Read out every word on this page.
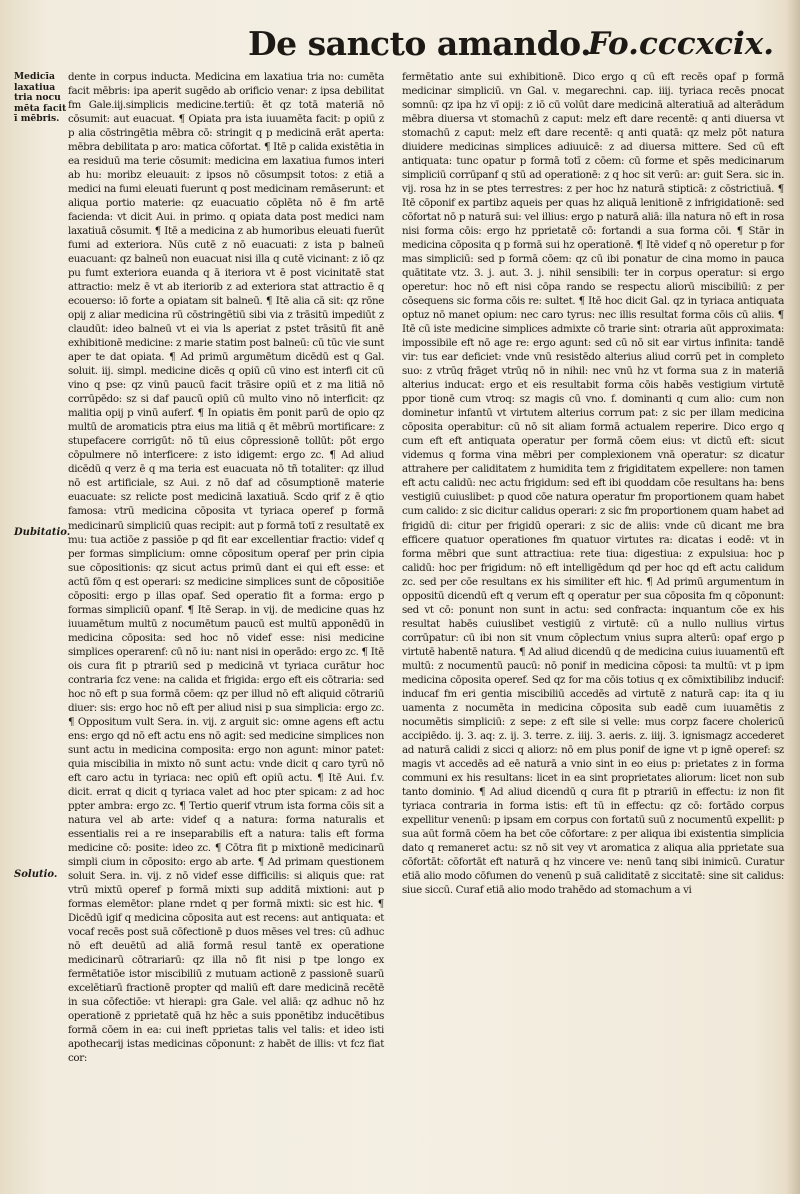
De sancto amando.
Fo.cccxcix.
Medicīa laxatiua
tria nocu
mēta facit
ī mēbris.
Dubitatio.
Solutio.

dente in corpus inducta. Medicina em laxatiua tria no: cumēta facit mēbris: ipa aperit sugēdo ab orificio venar: z ipsa debilitat fm Gale.iij.simplicis medicine.tertiū: ēt qz totā materiā nō cōsumit: aut euacuat. ¶ Opiata pra ista iuuamēta facit: p opiū z p alia cōstringētia mēbra cō: stringit q p medicinā erāt aperta: mēbra debilitata p aro: matica cōfortat. ¶ Itē p calida existētia in ea residuū ma terie cōsumit: medicina em laxatiua fumos interi ab hu: moribz eleuauit: z ipsos nō cōsumpsit totos: z etiā a medici na fumi eleuati fuerunt q post medicinam remāserunt: et aliqua portio materie: qz euacuatio cōplēta nō ē fm artē facienda: vt dicit Aui. in primo. q opiata data post medici nam laxatiuā cōsumit. ¶ Itē a medicina z ab humoribus eleuati fuerūt fumi ad exteriora. Nūs cutē z nō euacuati: z ista p balneū euacuant: qz balneū non euacuat nisi illa q cutē vicinant: z iō qz pu fumt exteriora euanda q ā iteriora vt ē post vicinitatē stat attractio: melz ē vt ab iteriorib z ad exteriora stat attractio ē q ecouerso: iō forte a opiatam sit balneū. ¶ Itē alia cā sit: qz rōne opij z aliar medicina rū cōstringētiū sibi via z trāsitū impediūt z claudūt: ideo balneū vt ei via ls aperiat z pstet trāsitū fit anē exhibitionē medicine: z marie statim post balneū: cū tūc vie sunt aper te dat opiata. ¶ Ad primū argumētum dicēdū est q Gal. soluit. iij. simpl. medicine dicēs q opiū cū vino est interfi cit cū vino q pse: qz vinū paucū facit trāsire opiū et z ma litiā nō corrūpēdo: sz si daf paucū opiū cū multo vino nō interficit: qz malitia opij p vinū auferf. ¶ In opiatis ēm ponit parū de opio qz multū de aromaticis ptra eius ma litiā q ēt mēbrū mortificare: z stupefacere corrigūt: nō tū eius cōpressionē tollūt: pōt ergo cōpulmere nō interficere: z isto idigemt: ergo zc. ¶ Ad aliud dicēdū q verz ē q ma teria est euacuata nō tñ totaliter: qz illud nō est artificiale, sz Aui. z nō daf ad cōsumptionē materie euacuate: sz relicte post medicinā laxatiuā. Scdo qrif z ē qtio famosa: vtrū medicina cōposita vt tyriaca operef p formā medicinarū simpliciū quas recipit: aut p formā totī z resultatē ex mu: tua actiōe z passiōe p qd fit ear excellentiar fractio: videf q per formas simplicium: omne cōpositum operaf per prin cipia sue cōpositionis: qz sicut actus primū dant ei qui eft esse: et actū fōm q est operari: sz medicine simplices sunt de cōpositiōe cōpositi: ergo p illas opaf. Sed operatio fit a forma: ergo p formas simpliciū opanf. ¶ Itē Serap. in vij. de medicine quas hz iuuamētum multū z nocumētum paucū est multū apponēdū in medicina cōposita: sed hoc nō videf esse: nisi medicine simplices operarenf: cū nō iu: nant nisi in operādo: ergo zc. ¶ Itē ois cura fit p ptrariū sed p medicinā vt tyriaca curātur hoc contraria fcz vene: na calida et frigida: ergo eft eis cōtraria: sed hoc nō eft p sua formā cōem: qz per illud nō eft aliquid cōtrariū diuer: sis: ergo hoc nō eft per aliud nisi p sua simplicia: ergo zc. ¶ Oppositum vult Sera. in. vij. z arguit sic: omne agens eft actu ens: ergo qd nō eft actu ens nō agit: sed medicine simplices non sunt actu in medicina composita: ergo non agunt: minor patet: quia miscibilia in mixto nō sunt actu: vnde dicit q caro tyrū nō eft caro actu in tyriaca: nec opiū eft opiū actu. ¶ Itē Aui. f.v. dicit. errat q dicit q tyriaca valet ad hoc pter spicam: z ad hoc ppter ambra: ergo zc. ¶ Tertio querif vtrum ista forma cōis sit a natura vel ab arte: videf q a natura: forma naturalis et essentialis rei a re inseparabilis eft a natura: talis eft forma medicine cō: posite: ideo zc. ¶ Cōtra fit p mixtionē medicinarū simpli cium in cōposito: ergo ab arte. ¶ Ad primam questionem soluit Sera. in. vij. z nō videf esse difficilis: si aliquis que: rat vtrū mixtū operef p formā mixti sup additā mixtioni: aut p formas elemētor: plane rndet q per formā mixti: sic est hic. ¶ Dicēdū igif q medicina cōposita aut est recens: aut antiquata: et vocaf recēs post suā cōfectionē p duos mēses vel tres: cū adhuc nō eft deuētū ad aliā formā resul tantē ex operatione medicinarū cōtrariarū: qz illa nō fit nisi p tpe longo ex fermētatiōe istor miscibiliū z mutuam actionē z passionē suarū excelētiarū fractionē propter qd maliū eft dare medicinā recētē in sua cōfectiōe: vt hierapi: gra Gale. vel aliā: qz adhuc nō hz operationē z pprietatē quā hz hēc a suis pponētibz inducētibus formā cōem in ea: cui ineft pprietas talis vel talis: et ideo isti apothecarij istas medicinas cōponunt: z habēt de illis: vt fcz fiat cor:

fermētatio ante sui exhibitionē. Dico ergo q cū eft recēs opaf p formā medicinar simpliciū. vn Gal. v. megarechni. cap. iiij. tyriaca recēs pnocat somnū: qz ipa hz vī opij: z iō cū volūt dare medicinā alteratiuā ad alterādum mēbra diuersa vt stomachū z caput: melz eft dare recentē: q anti diuersa vt stomachū z caput: melz eft dare recentē: q anti quatā: qz melz pōt natura diuidere medicinas simplices adiuuicē: z ad diuersa mittere. Sed cū eft antiquata: tunc opatur p formā totī z cōem: cū forme et spēs medicinarum simpliciū corrūpanf q stū ad operationē: z q hoc sit verū: ar: guit Sera. sic in. vij. rosa hz in se ptes terrestres: z per hoc hz naturā stipticā: z cōstrictiuā. ¶ Itē cōponif ex partibz aqueis per quas hz aliquā lenitionē z infrigidationē: sed cōfortat nō p naturā sui: vel illius: ergo p naturā aliā: illa natura nō eft in rosa nisi forma cōis: ergo hz pprietatē cō: fortandi a sua forma cōi. ¶ Stār in medicina cōposita q p formā sui hz operationē. ¶ Itē videf q nō operetur p for mas simpliciū: sed p formā cōem: qz cū ibi ponatur de cina momo in pauca quātitate vtz. 3. j. aut. 3. j. nihil sensibili: ter in corpus operatur: si ergo operetur: hoc nō eft nisi cōpa rando se respectu aliorū miscibiliū: z per cōsequens sic forma cōis re: sultet. ¶ Itē hoc dicit Gal. qz in tyriaca antiquata optuz nō manet opium: nec caro tyrus: nec illis resultat forma cōis cū aliis. ¶ Itē cū iste medicine simplices admixte cō trarie sint: otraria aūt approximata: impossibile eft nō age re: ergo agunt: sed cū nō sit ear virtus infinita: tandē vir: tus ear deficiet: vnde vnū resistēdo alterius aliud corrū pet in completo suo: z vtrūq frāget vtrūq nō in nihil: nec vnū hz vt forma sua z in materiā alterius inducat: ergo et eis resultabit forma cōis habēs vestigium virtutē ppor tionē cum vtroq: sz magis cū vno. f. dominanti q cum alio: cum non dominetur infantū vt virtutem alterius corrum pat: z sic per illam medicina cōposita operabitur: cū nō sit aliam formā actualem reperire. Dico ergo q cum eft eft antiquata operatur per formā cōem eius: vt dictū eft: sicut videmus q forma vina mēbri per complexionem vnā operatur: sz dicatur attrahere per caliditatem z humidita tem z frigiditatem expellere: non tamen eft actu calidū: nec actu frigidum: sed eft ibi quoddam cōe resultans ha: bens vestigiū cuiuslibet: p quod cōe natura operatur fm proportionem quam habet cum calido: z sic dicitur calidus operari: z sic fm proportionem quam habet ad frigidū di: citur per frigidū operari: z sic de aliis: vnde cū dicant me bra efficere quatuor operationes fm quatuor virtutes ra: dicatas i eodē: vt in forma mēbri que sunt attractiua: rete tiua: digestiua: z expulsiua: hoc p calidū: hoc per frigidum: nō eft intelligēdum qd per hoc qd eft actu calidum zc. sed per cōe resultans ex his similiter eft hic. ¶ Ad primū argumentum in oppositū dicendū eft q verum eft q operatur per sua cōposita fm q cōponunt: sed vt cō: ponunt non sunt in actu: sed confracta: inquantum cōe ex his resultat habēs cuiuslibet vestigiū z virtutē: cū a nullo nullius virtus corrūpatur: cū ibi non sit vnum cōplectum vnius supra alterū: opaf ergo p virtutē habentē natura. ¶ Ad aliud dicendū q de medicina cuius iuuamentū eft multū: z nocumentū paucū: nō ponif in medicina cōposi: ta multū: vt p ipm medicina cōposita operef. Sed qz for ma cōis totius q ex cōmixtibilibz inducif: inducaf fm eri gentia miscibiliū accedēs ad virtutē z naturā cap: ita q iu uamenta z nocumēta in medicina cōposita sub eadē cum iuuamētis z nocumētis simpliciū: z sepe: z eft sile si velle: mus corpz facere cholericū accipiēdo. ij. 3. aq: z. ij. 3. terre. z. iiij. 3. aeris. z. iiij. 3. ignismagz accederet ad naturā calidi z sicci q aliorz: nō em plus ponif de igne vt p ignē operef: sz magis vt accedēs ad eē naturā a vnio sint in eo eius p: prietates z in forma communi ex his resultans: licet in ea sint proprietates aliorum: licet non sub tanto dominio. ¶ Ad aliud dicendū q cura fit p ptrariū in effectu: iz non fit tyriaca contraria in forma istis: eft tū in effectu: qz cō: fortādo corpus expellitur venenū: p ipsam em corpus con fortatū suū z nocumentū expellit: p sua aūt formā cōem ha bet cōe cōfortare: z per aliqua ibi existentia simplicia dato q remaneret actu: sz nō sit vey vt aromatica z aliqua alia pprietate sua cōfortāt: cōfortāt eft naturā q hz vincere ve: nenū tanq sibi inimicū. Curatur etiā alio modo cōfumen do venenū p suā caliditatē z siccitatē: sine sit calidus: siue siccū. Curaf etiā alio modo trahēdo ad stomachum a vi
